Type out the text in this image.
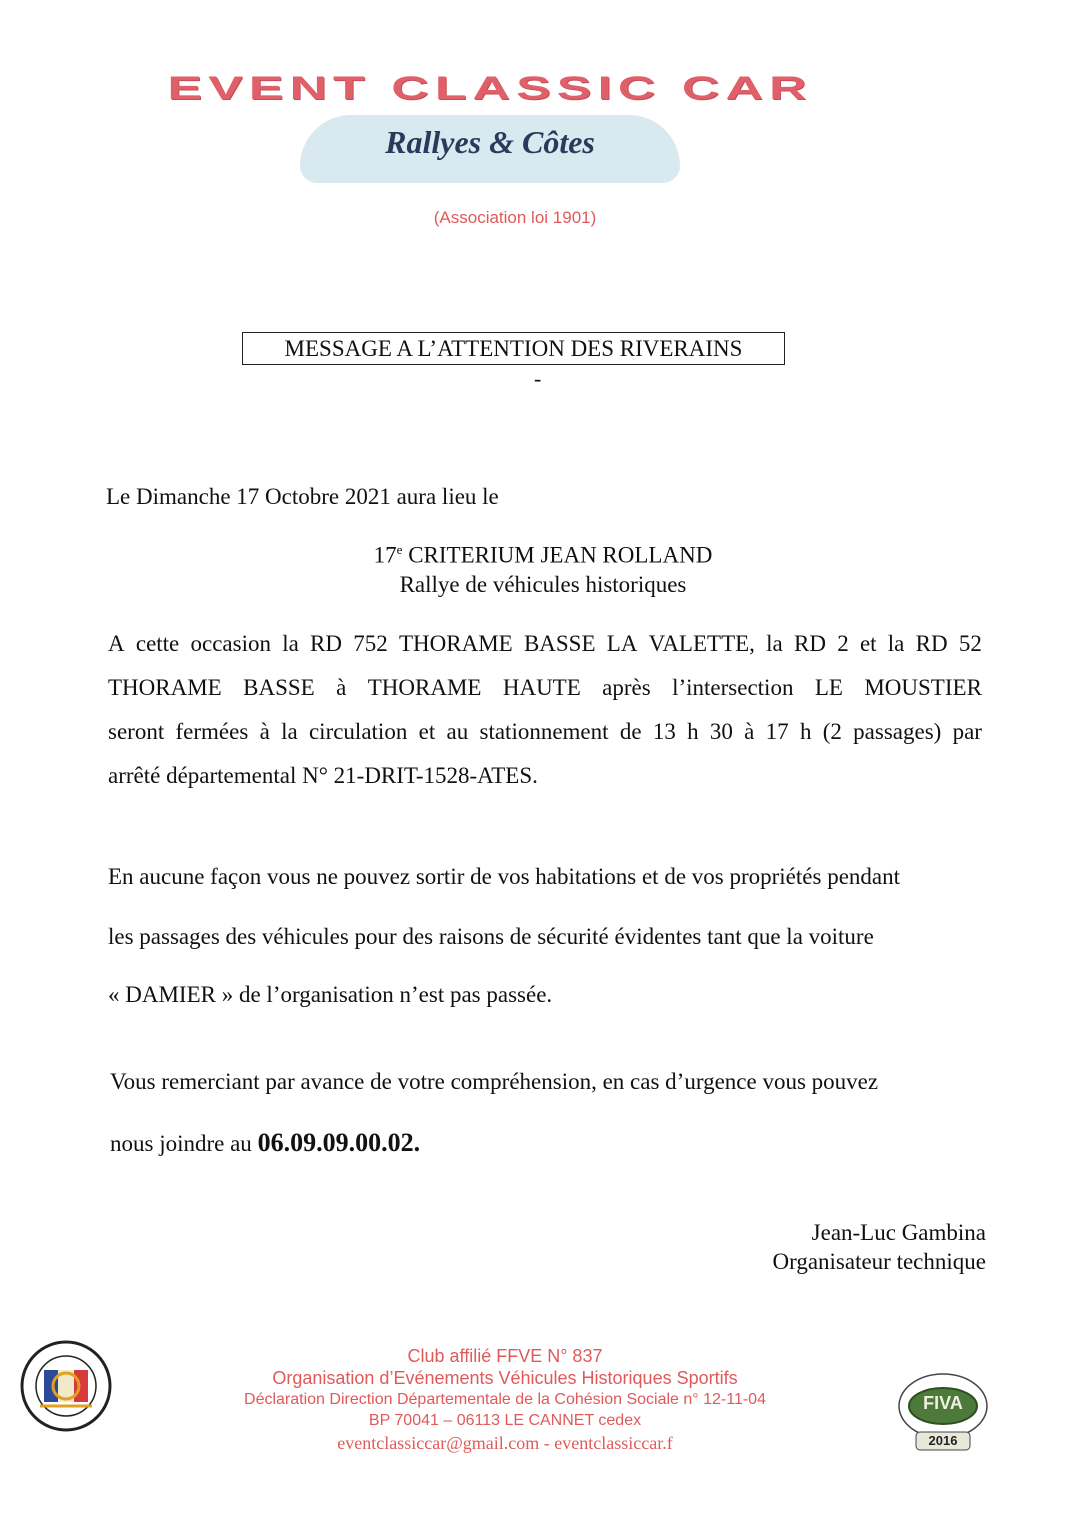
EVENT CLASSIC CAR
Rallyes & Côtes
(Association loi 1901)
MESSAGE A L’ATTENTION DES RIVERAINS
-
Le Dimanche 17 Octobre 2021 aura lieu le
17e CRITERIUM JEAN ROLLAND
Rallye de véhicules historiques
A cette occasion la RD 752 THORAME BASSE LA VALETTE, la RD 2 et la RD 52
THORAME BASSE à THORAME HAUTE après l’intersection LE MOUSTIER
seront fermées à la circulation et au stationnement de 13 h 30 à 17 h (2 passages) par
arrêté départemental N° 21-DRIT-1528-ATES.
En aucune façon vous ne pouvez sortir de vos habitations et de vos propriétés pendant
les passages des véhicules pour des raisons de sécurité évidentes tant que la voiture
« DAMIER » de l’organisation n’est pas passée.
Vous remerciant par avance de votre compréhension, en cas d’urgence vous pouvez
nous joindre au 06.09.09.00.02.
Jean-Luc Gambina
Organisateur technique
Club affilié FFVE N° 837
Organisation d’Evénements Véhicules Historiques Sportifs
Déclaration Direction Départementale de la Cohésion Sociale n° 12-11-04
BP 70041 – 06113 LE CANNET cedex
eventclassiccar@gmail.com - eventclassiccar.f
FIVA
2016
